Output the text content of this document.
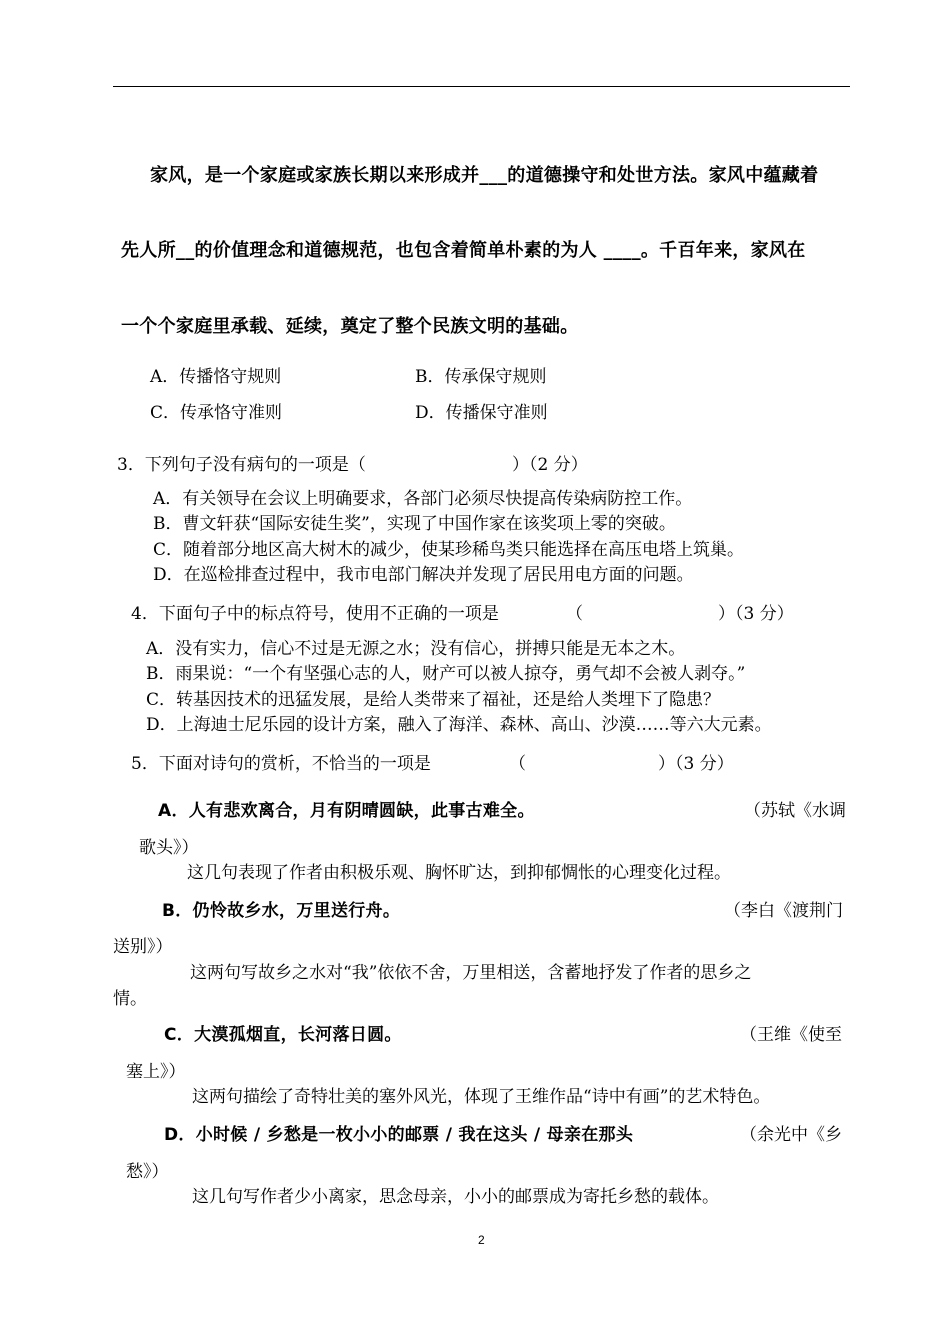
家风，是一个家庭或家族长期以来形成并___的道德操守和处世方法。家风中蕴藏着
先人所__的价值理念和道德规范，也包含着简单朴素的为人 ____。千百年来，家风在
一个个家庭里承载、延续，奠定了整个民族文明的基础。
A．传播恪守规则	B．传承保守规则
C．传承恪守准则	D．传播保守准则
3．下列句子没有病句的一项是（	）（2 分）
A．有关领导在会议上明确要求，各部门必须尽快提高传染病防控工作。
B．曹文轩获“国际安徒生奖”，实现了中国作家在该奖项上零的突破。
C．随着部分地区高大树木的减少，使某珍稀鸟类只能选择在高压电塔上筑巢。
D．在巡检排查过程中，我市电部门解决并发现了居民用电方面的问题。
4．下面句子中的标点符号，使用不正确的一项是	（	）（3 分）
A．没有实力，信心不过是无源之水；没有信心，拼搏只能是无本之木。
B．雨果说：“一个有坚强心志的人，财产可以被人掠夺，勇气却不会被人剥夺。”
C．转基因技术的迅猛发展，是给人类带来了福祉，还是给人类埋下了隐患？
D．上海迪士尼乐园的设计方案，融入了海洋、森林、高山、沙漠……等六大元素。
5．下面对诗句的赏析，不恰当的一项是	（	）（3 分）
A．人有悲欢离合，月有阴晴圆缺，此事古难全。	（苏轼《水调
歌头》）
这几句表现了作者由积极乐观、胸怀旷达，到抑郁惆怅的心理变化过程。
B．仍怜故乡水，万里送行舟。	（李白《渡荆门
送别》）
这两句写故乡之水对“我”依依不舍，万里相送，含蓄地抒发了作者的思乡之
情。
C．大漠孤烟直，长河落日圆。	（王维《使至
塞上》）
这两句描绘了奇特壮美的塞外风光，体现了王维作品“诗中有画”的艺术特色。
D．小时候 / 乡愁是一枚小小的邮票 / 我在这头 / 母亲在那头	（余光中《乡
愁》）
这几句写作者少小离家，思念母亲，小小的邮票成为寄托乡愁的载体。
2
